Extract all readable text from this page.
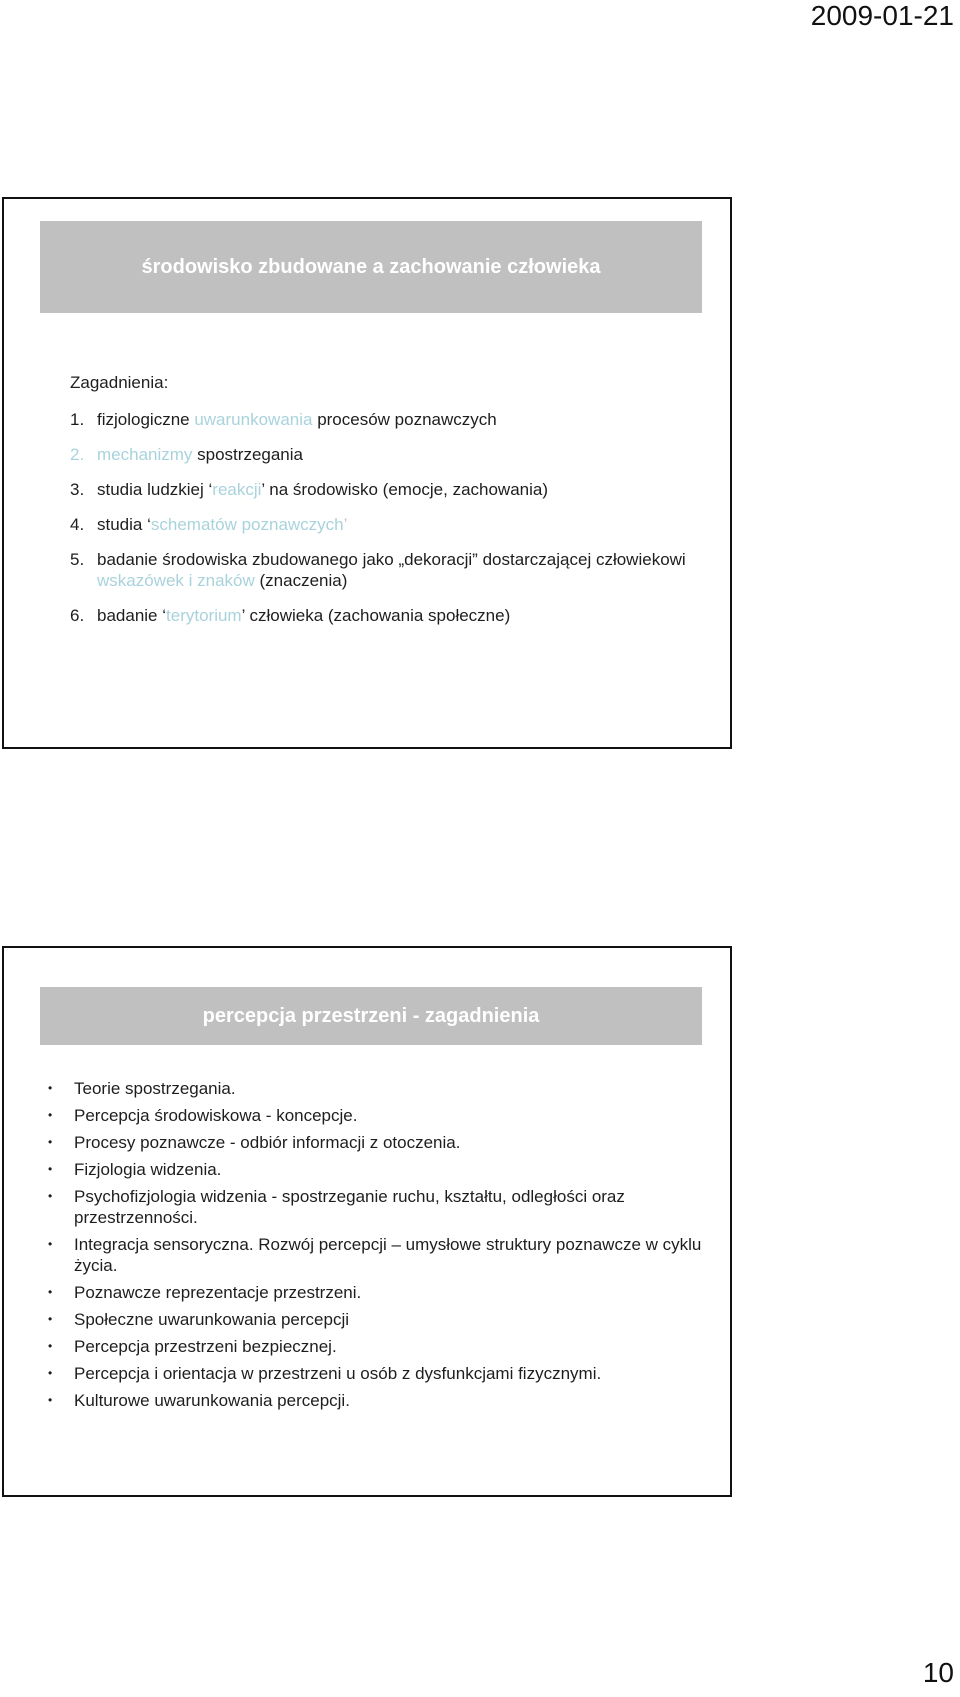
2009-01-21
środowisko zbudowane a zachowanie człowieka
Zagadnienia:
1. fizjologiczne uwarunkowania procesów poznawczych
2. mechanizmy spostrzegania
3. studia ludzkiej ‘reakcji’ na środowisko (emocje, zachowania)
4. studia ‘schematów poznawczych’
5. badanie środowiska zbudowanego jako „dekoracji” dostarczającej człowiekowi wskazówek i znaków (znaczenia)
6. badanie ‘terytorium’ człowieka (zachowania społeczne)
percepcja przestrzeni - zagadnienia
• Teorie spostrzegania.
• Percepcja środowiskowa - koncepcje.
• Procesy poznawcze - odbiór informacji z otoczenia.
• Fizjologia widzenia.
• Psychofizjologia widzenia - spostrzeganie ruchu, kształtu, odległości oraz przestrzenności.
• Integracja sensoryczna. Rozwój percepcji – umysłowe struktury poznawcze w cyklu życia.
• Poznawcze reprezentacje przestrzeni.
• Społeczne uwarunkowania percepcji
• Percepcja przestrzeni bezpiecznej.
• Percepcja i orientacja w przestrzeni u osób z dysfunkcjami fizycznymi.
• Kulturowe uwarunkowania percepcji.
10
